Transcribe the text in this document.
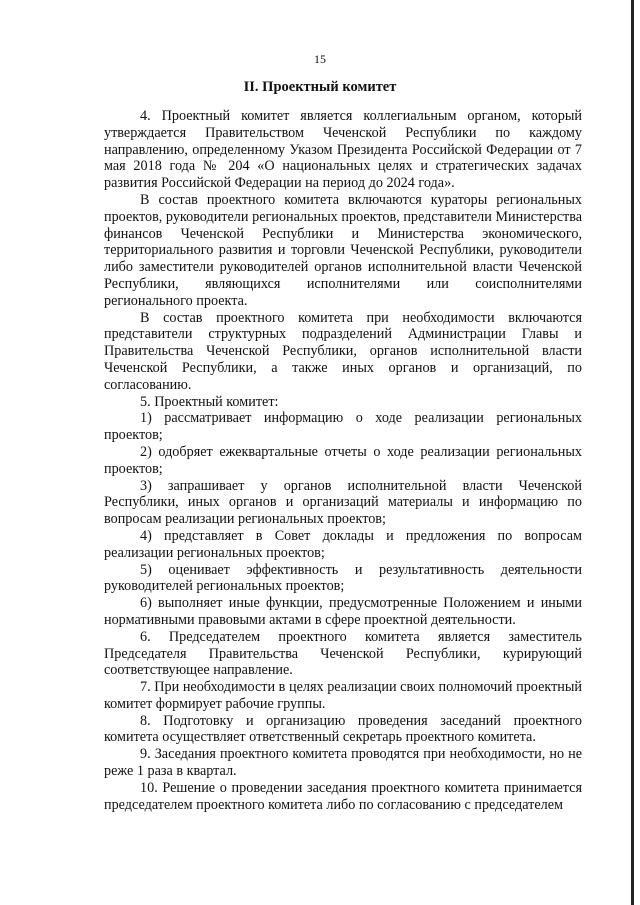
15

II. Проектный комитет

4. Проектный комитет является коллегиальным органом, который утверждается Правительством Чеченской Республики по каждому направлению, определенному Указом Президента Российской Федерации от 7 мая 2018 года № 204 «О национальных целях и стратегических задачах развития Российской Федерации на период до 2024 года».

В состав проектного комитета включаются кураторы региональных проектов, руководители региональных проектов, представители Министерства финансов Чеченской Республики и Министерства экономического, территориального развития и торговли Чеченской Республики, руководители либо заместители руководителей органов исполнительной власти Чеченской Республики, являющихся исполнителями или соисполнителями регионального проекта.

В состав проектного комитета при необходимости включаются представители структурных подразделений Администрации Главы и Правительства Чеченской Республики, органов исполнительной власти Чеченской Республики, а также иных органов и организаций, по согласованию.

5. Проектный комитет:

1) рассматривает информацию о ходе реализации региональных проектов;

2) одобряет ежеквартальные отчеты о ходе реализации региональных проектов;

3) запрашивает у органов исполнительной власти Чеченской Республики, иных органов и организаций материалы и информацию по вопросам реализации региональных проектов;

4) представляет в Совет доклады и предложения по вопросам реализации региональных проектов;

5) оценивает эффективность и результативность деятельности руководителей региональных проектов;

6) выполняет иные функции, предусмотренные Положением и иными нормативными правовыми актами в сфере проектной деятельности.

6. Председателем проектного комитета является заместитель Председателя Правительства Чеченской Республики, курирующий соответствующее направление.

7. При необходимости в целях реализации своих полномочий проектный комитет формирует рабочие группы.

8. Подготовку и организацию проведения заседаний проектного комитета осуществляет ответственный секретарь проектного комитета.

9. Заседания проектного комитета проводятся при необходимости, но не реже 1 раза в квартал.

10. Решение о проведении заседания проектного комитета принимается председателем проектного комитета либо по согласованию с председателем
